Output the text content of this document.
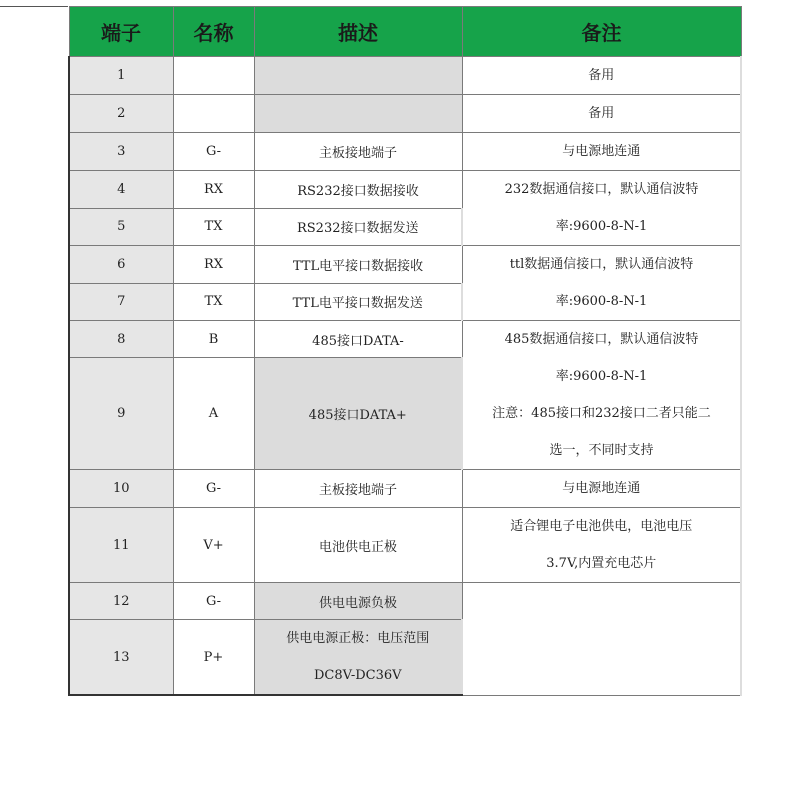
端子	名称	描述	备注
1			备用
2			备用
3	G-	主板接地端子	与电源地连通
4	RX	RS232接口数据接收	232数据通信接口，默认通信波特
率:9600-8-N-1

5	TX	RS232接口数据发送	
6	RX	TTL电平接口数据接收	ttl数据通信接口，默认通信波特
率:9600-8-N-1

7	TX	TTL电平接口数据发送	
8	B	485接口DATA-	485数据通信接口，默认通信波特
率:9600-8-N-1
注意：485接口和232接口二者只能二
选一，不同时支持

9	A	485接口DATA+	
10	G-	主板接地端子	与电源地连通
11	V+	电池供电正极	适合锂电子电池供电，电池电压
3.7V,内置充电芯片

12	G-	供电电源负极	
13	P+	供电电源正极：电压范围
DC8V-DC36V	
